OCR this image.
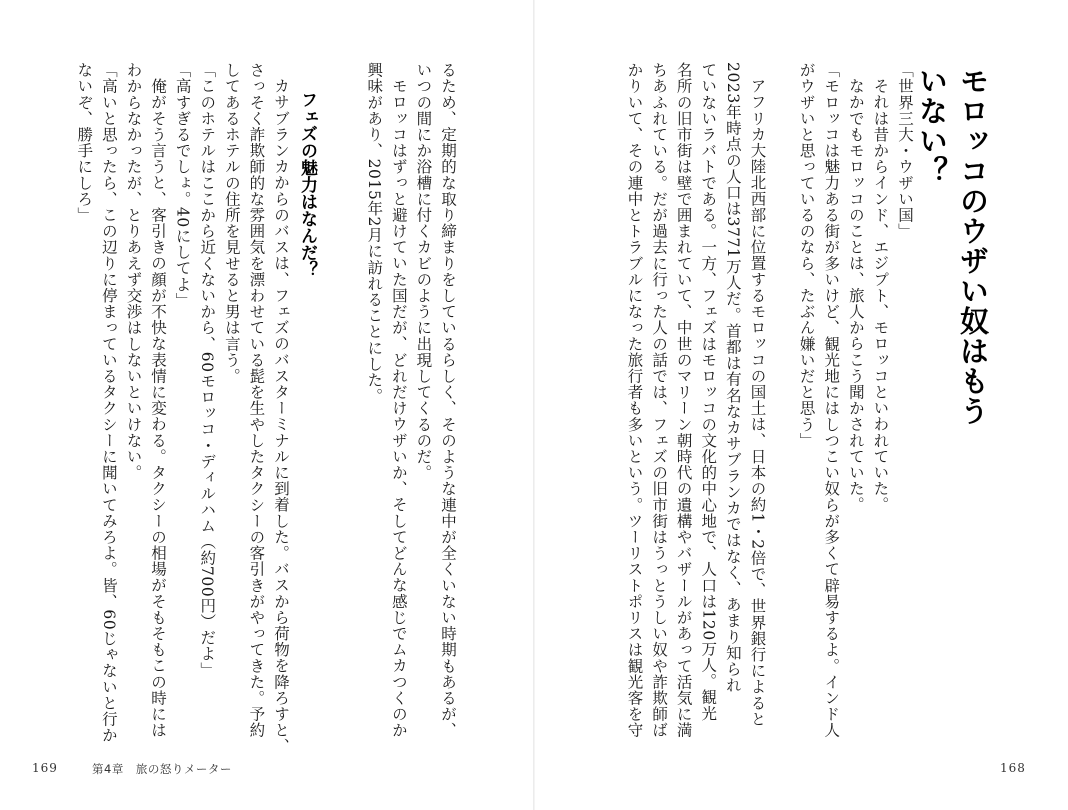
モロッコのウザい奴はもういない？
「世界三大・ウザい国」
それは昔からインド、エジプト、モロッコといわれていた。
なかでもモロッコのことは、旅人からこう聞かされていた。
「モロッコは魅力ある街が多いけど、観光地にはしつこい奴らが多くて辟易するよ。インド人
がウザいと思っているのなら、たぶん嫌いだと思う」
アフリカ大陸北西部に位置するモロッコの国土は、日本の約1・2倍で、世界銀行によると
2023年時点の人口は3771万人だ。首都は有名なカサブランカではなく、あまり知られ
ていないラバトである。一方、フェズはモロッコの文化的中心地で、人口は120万人。観光
名所の旧市街は壁で囲まれていて、中世のマリーン朝時代の遺構やバザールがあって活気に満
ちあふれている。だが過去に行った人の話では、フェズの旧市街はうっとうしい奴や詐欺師ば
かりいて、その連中とトラブルになった旅行者も多いという。ツーリストポリスは観光客を守
168
るため、定期的な取り締まりをしているらしく、そのような連中が全くいない時期もあるが、
いつの間にか浴槽に付くカビのように出現してくるのだ。
モロッコはずっと避けていた国だが、どれだけウザいか、そしてどんな感じでムカつくのか
興味があり、2015年2月に訪れることにした。
フェズの魅力はなんだ？
カサブランカからのバスは、フェズのバスターミナルに到着した。バスから荷物を降ろすと、
さっそく詐欺師的な雰囲気を漂わせている髭を生やしたタクシーの客引きがやってきた。予約
してあるホテルの住所を見せると男は言う。
「このホテルはここから近くないから、60モロッコ・ディルハム（約700円）だよ」
「高すぎるでしょ。40にしてよ」
俺がそう言うと、客引きの顔が不快な表情に変わる。タクシーの相場がそもそもこの時には
わからなかったが、とりあえず交渉はしないといけない。
「高いと思ったら、この辺りに停まっているタクシーに聞いてみろよ。皆、60じゃないと行か
ないぞ、勝手にしろ」
169	第4章　旅の怒りメーター
